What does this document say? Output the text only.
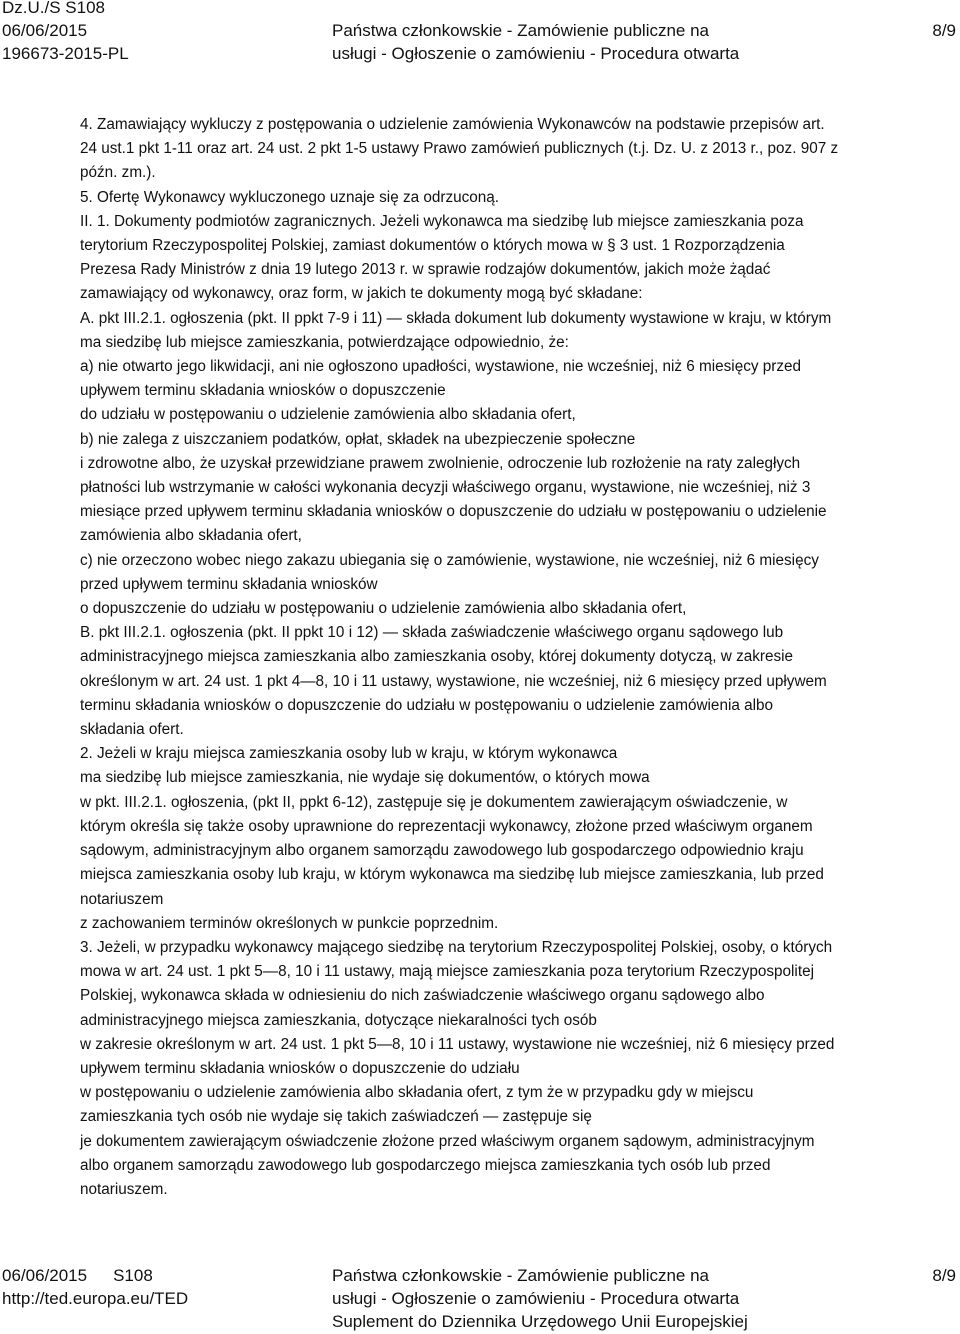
Dz.U./S S108
06/06/2015
196673-2015-PL
Państwa członkowskie - Zamówienie publiczne na
usługi - Ogłoszenie o zamówieniu - Procedura otwarta
8/9

4. Zamawiający wykluczy z postępowania o udzielenie zamówienia Wykonawców na podstawie przepisów art.

24 ust.1 pkt 1-11 oraz art. 24 ust. 2 pkt 1-5 ustawy Prawo zamówień publicznych (t.j. Dz. U. z 2013 r., poz. 907 z

późn. zm.).

5. Ofertę Wykonawcy wykluczonego uznaje się za odrzuconą.

II. 1. Dokumenty podmiotów zagranicznych. Jeżeli wykonawca ma siedzibę lub miejsce zamieszkania poza

terytorium Rzeczypospolitej Polskiej, zamiast dokumentów o których mowa w § 3 ust. 1 Rozporządzenia

Prezesa Rady Ministrów z dnia 19 lutego 2013 r. w sprawie rodzajów dokumentów, jakich może żądać

zamawiający od wykonawcy, oraz form, w jakich te dokumenty mogą być składane:

A. pkt III.2.1. ogłoszenia (pkt. II ppkt 7-9 i 11) — składa dokument lub dokumenty wystawione w kraju, w którym

ma siedzibę lub miejsce zamieszkania, potwierdzające odpowiednio, że:

a) nie otwarto jego likwidacji, ani nie ogłoszono upadłości, wystawione, nie wcześniej, niż 6 miesięcy przed

upływem terminu składania wniosków o dopuszczenie

do udziału w postępowaniu o udzielenie zamówienia albo składania ofert,

b) nie zalega z uiszczaniem podatków, opłat, składek na ubezpieczenie społeczne

i zdrowotne albo, że uzyskał przewidziane prawem zwolnienie, odroczenie lub rozłożenie na raty zaległych

płatności lub wstrzymanie w całości wykonania decyzji właściwego organu, wystawione, nie wcześniej, niż 3

miesiące przed upływem terminu składania wniosków o dopuszczenie do udziału w postępowaniu o udzielenie

zamówienia albo składania ofert,

c) nie orzeczono wobec niego zakazu ubiegania się o zamówienie, wystawione, nie wcześniej, niż 6 miesięcy

przed upływem terminu składania wniosków

o dopuszczenie do udziału w postępowaniu o udzielenie zamówienia albo składania ofert,

B. pkt III.2.1. ogłoszenia (pkt. II ppkt 10 i 12) — składa zaświadczenie właściwego organu sądowego lub

administracyjnego miejsca zamieszkania albo zamieszkania osoby, której dokumenty dotyczą, w zakresie

określonym w art. 24 ust. 1 pkt 4—8, 10 i 11 ustawy, wystawione, nie wcześniej, niż 6 miesięcy przed upływem

terminu składania wniosków o dopuszczenie do udziału w postępowaniu o udzielenie zamówienia albo

składania ofert.

2. Jeżeli w kraju miejsca zamieszkania osoby lub w kraju, w którym wykonawca

ma siedzibę lub miejsce zamieszkania, nie wydaje się dokumentów, o których mowa

w pkt. III.2.1. ogłoszenia, (pkt II, ppkt 6-12), zastępuje się je dokumentem zawierającym oświadczenie, w

którym określa się także osoby uprawnione do reprezentacji wykonawcy, złożone przed właściwym organem

sądowym, administracyjnym albo organem samorządu zawodowego lub gospodarczego odpowiednio kraju

miejsca zamieszkania osoby lub kraju, w którym wykonawca ma siedzibę lub miejsce zamieszkania, lub przed

notariuszem

z zachowaniem terminów określonych w punkcie poprzednim.

3. Jeżeli, w przypadku wykonawcy mającego siedzibę na terytorium Rzeczypospolitej Polskiej, osoby, o których

mowa w art. 24 ust. 1 pkt 5—8, 10 i 11 ustawy, mają miejsce zamieszkania poza terytorium Rzeczypospolitej

Polskiej, wykonawca składa w odniesieniu do nich zaświadczenie właściwego organu sądowego albo

administracyjnego miejsca zamieszkania, dotyczące niekaralności tych osób

w zakresie określonym w art. 24 ust. 1 pkt 5—8, 10 i 11 ustawy, wystawione nie wcześniej, niż 6 miesięcy przed

upływem terminu składania wniosków o dopuszczenie do udziału

w postępowaniu o udzielenie zamówienia albo składania ofert, z tym że w przypadku gdy w miejscu

zamieszkania tych osób nie wydaje się takich zaświadczeń — zastępuje się

je dokumentem zawierającym oświadczenie złożone przed właściwym organem sądowym, administracyjnym

albo organem samorządu zawodowego lub gospodarczego miejsca zamieszkania tych osób lub przed

notariuszem.

06/06/2015 S108
http://ted.europa.eu/TED
Państwa członkowskie - Zamówienie publiczne na
usługi - Ogłoszenie o zamówieniu - Procedura otwarta
Suplement do Dziennika Urzędowego Unii Europejskiej
8/9
